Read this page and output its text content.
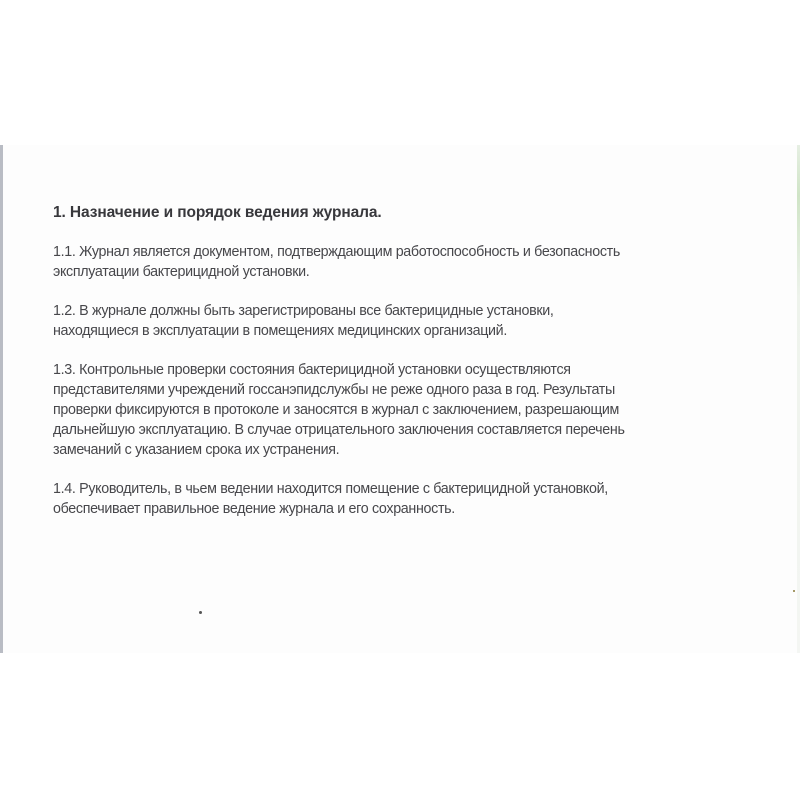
1. Назначение и порядок ведения журнала.
1.1. Журнал является документом, подтверждающим работоспособность и безопасность
эксплуатации бактерицидной установки.
1.2. В журнале должны быть зарегистрированы все бактерицидные установки,
находящиеся в эксплуатации в помещениях медицинских организаций.
1.3. Контрольные проверки состояния бактерицидной установки осуществляются
представителями учреждений госсанэпидслужбы не реже одного раза в год. Результаты
проверки фиксируются в протоколе и заносятся в журнал с заключением, разрешающим
дальнейшую эксплуатацию. В случае отрицательного заключения составляется перечень
замечаний с указанием срока их устранения.
1.4. Руководитель, в чьем ведении находится помещение с бактерицидной установкой,
обеспечивает правильное ведение журнала и его сохранность.
